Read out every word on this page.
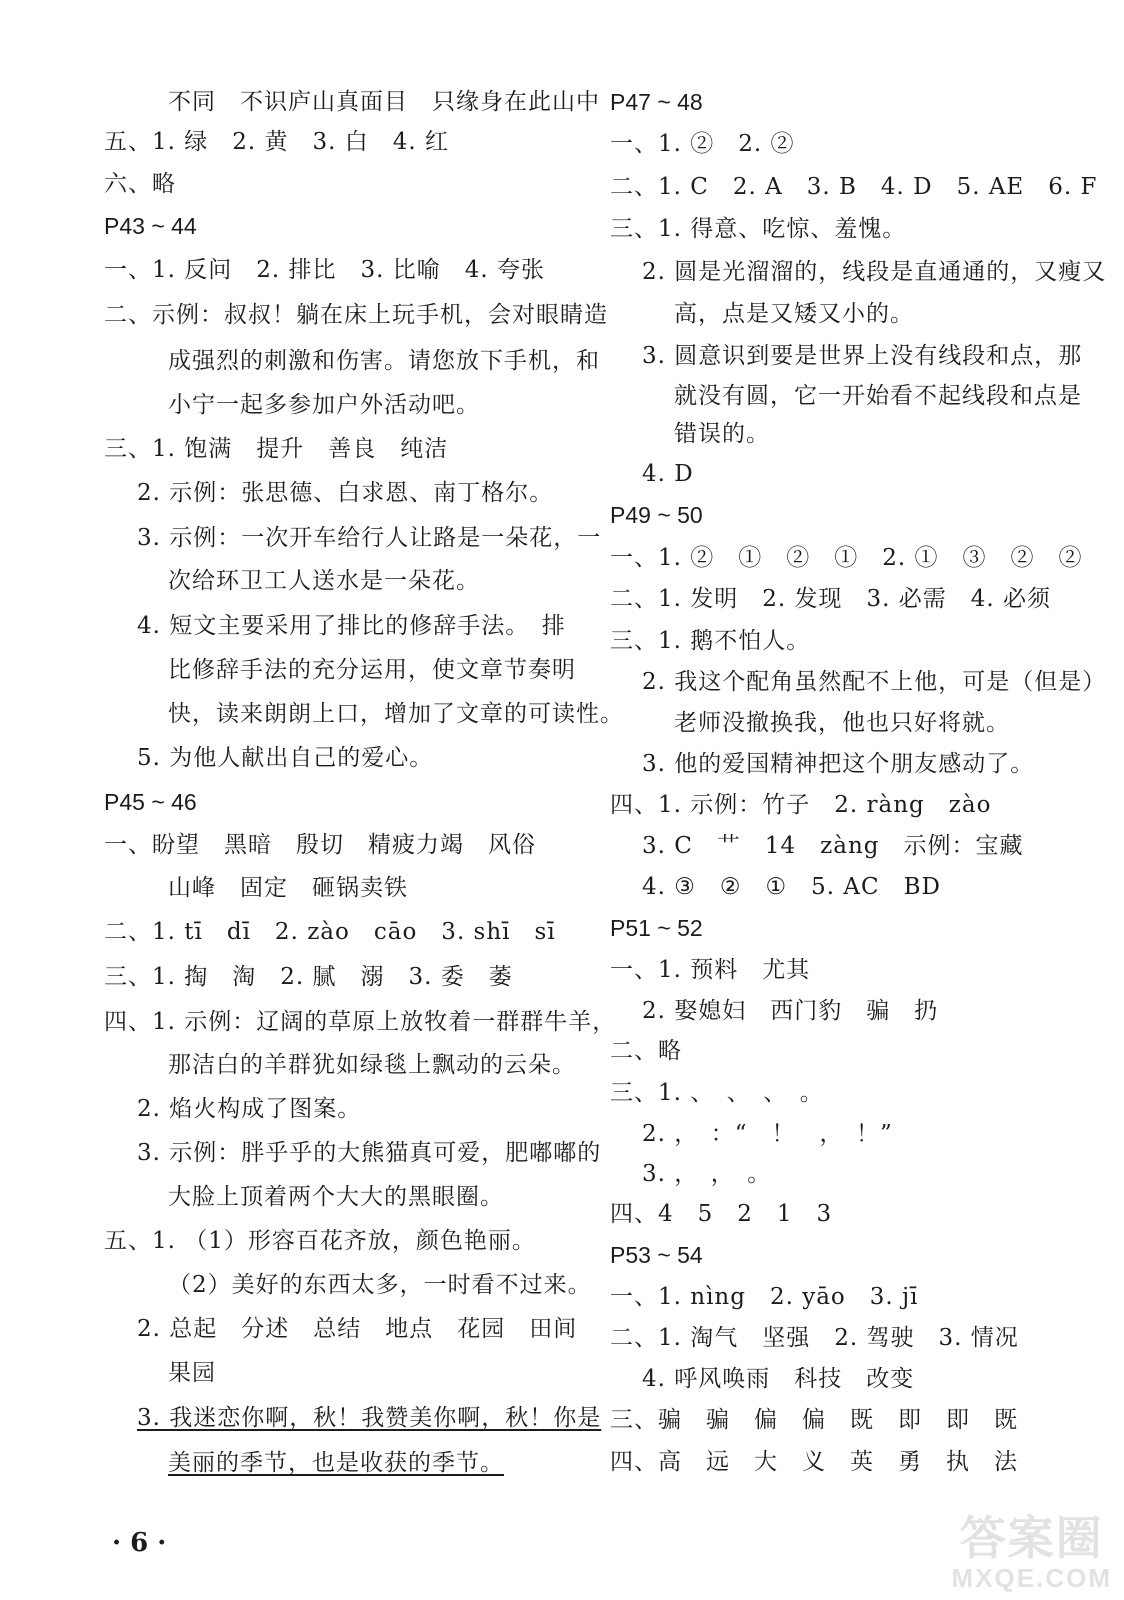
不同　不识庐山真面目　只缘身在此山中
五、1. 绿　2. 黄　3. 白　4. 红
六、略
P43 ~ 44
一、1. 反问　2. 排比　3. 比喻　4. 夸张
二、示例：叔叔！躺在床上玩手机，会对眼睛造
成强烈的刺激和伤害。请您放下手机，和
小宁一起多参加户外活动吧。
三、1. 饱满　提升　善良　纯洁
2. 示例：张思德、白求恩、南丁格尔。
3. 示例：一次开车给行人让路是一朵花，一
次给环卫工人送水是一朵花。
4. 短文主要采用了排比的修辞手法。　排
比修辞手法的充分运用，使文章节奏明
快，读来朗朗上口，增加了文章的可读性。
5. 为他人献出自己的爱心。
P45 ~ 46
一、盼望　黑暗　殷切　精疲力竭　风俗
山峰　固定　砸锅卖铁
二、1. tī　dī　2. zào　cāo　3. shī　sī
三、1. 掏　淘　2. 腻　溺　3. 委　萎
四、1. 示例：辽阔的草原上放牧着一群群牛羊，
那洁白的羊群犹如绿毯上飘动的云朵。
2. 焰火构成了图案。
3. 示例：胖乎乎的大熊猫真可爱，肥嘟嘟的
大脸上顶着两个大大的黑眼圈。
五、1. （1）形容百花齐放，颜色艳丽。
（2）美好的东西太多，一时看不过来。
2. 总起　分述　总结　地点　花园　田间
果园
3. 我迷恋你啊，秋！我赞美你啊，秋！你是
美丽的季节，也是收获的季节。
P47 ~ 48
一、1. ②　2. ②
二、1. C　2. A　3. B　4. D　5. AE　6. F
三、1. 得意、吃惊、羞愧。
2. 圆是光溜溜的，线段是直通通的，又瘦又
高，点是又矮又小的。
3. 圆意识到要是世界上没有线段和点，那
就没有圆，它一开始看不起线段和点是
错误的。
4. D
P49 ~ 50
一、1. ②　①　②　①　2. ①　③　②　②
二、1. 发明　2. 发现　3. 必需　4. 必须
三、1. 鹅不怕人。
2. 我这个配角虽然配不上他，可是（但是）
老师没撤换我，他也只好将就。
3. 他的爱国精神把这个朋友感动了。
四、1. 示例：竹子　2. ràng　zào
3. C　艹　14　zàng　示例：宝藏
4. ③　②　①　5. AC　BD
P51 ~ 52
一、1. 预料　尤其
2. 娶媳妇　西门豹　骗　扔
二、略
三、1. 、　、　、　。
2. ，　：“　！　，　！”
3. ，　，　。
四、4　5　2　1　3
P53 ~ 54
一、1. nìng　2. yāo　3. jī
二、1. 淘气　坚强　2. 驾驶　3. 情况
4. 呼风唤雨　科技　改变
三、骗　骗　偏　偏　既　即　即　既
四、高　远　大　义　英　勇　执　法
· 6 ·	答案圈
MXQE.COM
